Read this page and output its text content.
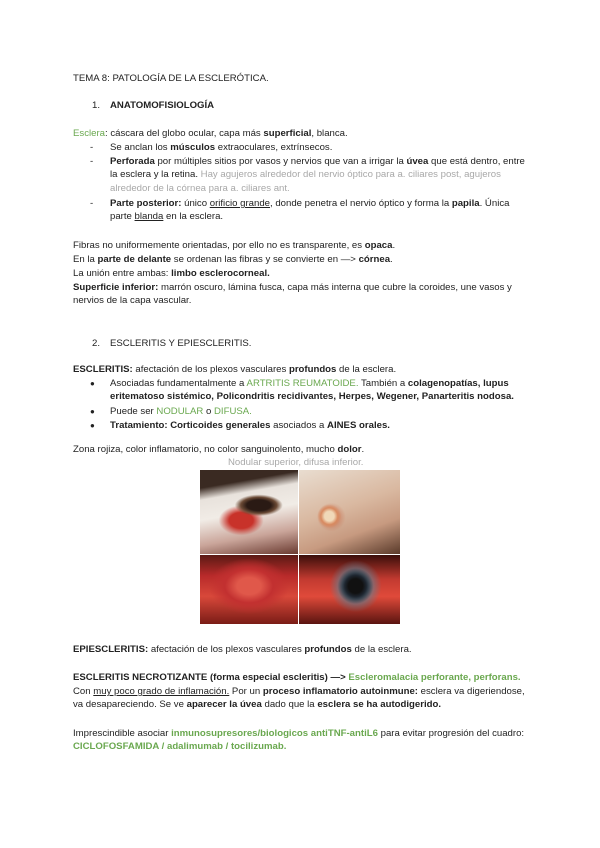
TEMA 8: PATOLOGÍA DE LA ESCLERÓTICA.
1. ANATOMOFISIOLOGÍA
Esclera: cáscara del globo ocular, capa más superficial, blanca.
- Se anclan los músculos extraoculares, extrínsecos.
- Perforada por múltiples sitios por vasos y nervios que van a irrigar la úvea que está dentro, entre la esclera y la retina. Hay agujeros alrededor del nervio óptico para a. ciliares post, agujeros alrededor de la córnea para a. ciliares ant.
- Parte posterior: único orificio grande, donde penetra el nervio óptico y forma la papila. Única parte blanda en la esclera.
Fibras no uniformemente orientadas, por ello no es transparente, es opaca.
En la parte de delante se ordenan las fibras y se convierte en ―> córnea.
La unión entre ambas: limbo esclerocorneal.
Superficie inferior: marrón oscuro, lámina fusca, capa más interna que cubre la coroides, une vasos y nervios de la capa vascular.
2. ESCLERITIS Y EPIESCLERITIS.
ESCLERITIS: afectación de los plexos vasculares profundos de la esclera.
● Asociadas fundamentalmente a ARTRITIS REUMATOIDE. También a colagenopatías, lupus eritematoso sistémico, Policondritis recidivantes, Herpes, Wegener, Panarteritis nodosa.
● Puede ser NODULAR o DIFUSA.
● Tratamiento: Corticoides generales asociados a AINES orales.
Zona rojiza, color inflamatorio, no color sanguinolento, mucho dolor.
Nodular superior, difusa inferior.
EPIESCLERITIS: afectación de los plexos vasculares profundos de la esclera.
ESCLERITIS NECROTIZANTE (forma especial escleritis) ―> Escleromalacia perforante, perforans.
Con muy poco grado de inflamación. Por un proceso inflamatorio autoinmune: esclera va digeriendose, va desapareciendo. Se ve aparecer la úvea dado que la esclera se ha autodigerido.
Imprescindible asociar inmunosupresores/biologicos antiTNF-antiL6 para evitar progresión del cuadro: CICLOFOSFAMIDA / adalimumab / tocilizumab.
